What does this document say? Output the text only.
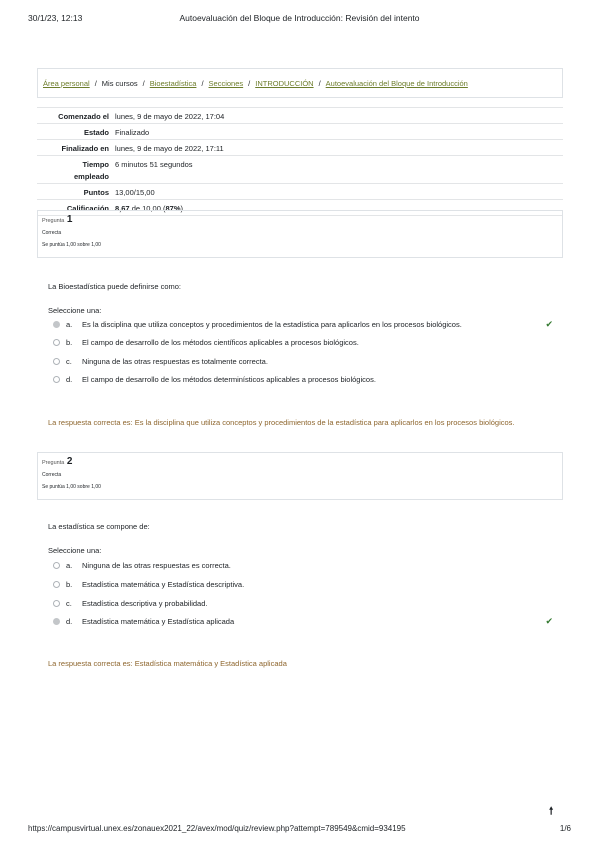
30/1/23, 12:13	Autoevaluación del Bloque de Introducción: Revisión del intento
Área personal / Mis cursos / Bioestadística / Secciones / INTRODUCCIÓN / Autoevaluación del Bloque de Introducción
Comenzado el lunes, 9 de mayo de 2022, 17:04
Estado Finalizado
Finalizado en lunes, 9 de mayo de 2022, 17:11
Tiempo
empleado
6 minutos 51 segundos
Puntos 13,00/15,00
Calificación 8,67 de 10,00 (87%)
Pregunta 1
Correcta
Se puntúa 1,00 sobre 1,00
La Bioestadística puede definirse como:
Seleccione una:
a.	Es la disciplina que utiliza conceptos y procedimientos de la estadística para aplicarlos en los procesos biológicos.	✔
b.	El campo de desarrollo de los métodos científicos aplicables a procesos biológicos.
c.	Ninguna de las otras respuestas es totalmente correcta.
d.	El campo de desarrollo de los métodos determinísticos aplicables a procesos biológicos.
La respuesta correcta es: Es la disciplina que utiliza conceptos y procedimientos de la estadística para aplicarlos en los procesos biológicos.
Pregunta 2
Correcta
Se puntúa 1,00 sobre 1,00
La estadística se compone de:
Seleccione una:
a.	Ninguna de las otras respuestas es correcta.
b.	Estadística matemática y Estadística descriptiva.
c.	Estadística descriptiva y probabilidad.
d.	Estadística matemática y Estadística aplicada	✔
La respuesta correcta es: Estadística matemática y Estadística aplicada
🠕
https://campusvirtual.unex.es/zonauex2021_22/avex/mod/quiz/review.php?attempt=789549&cmid=934195	1/6
